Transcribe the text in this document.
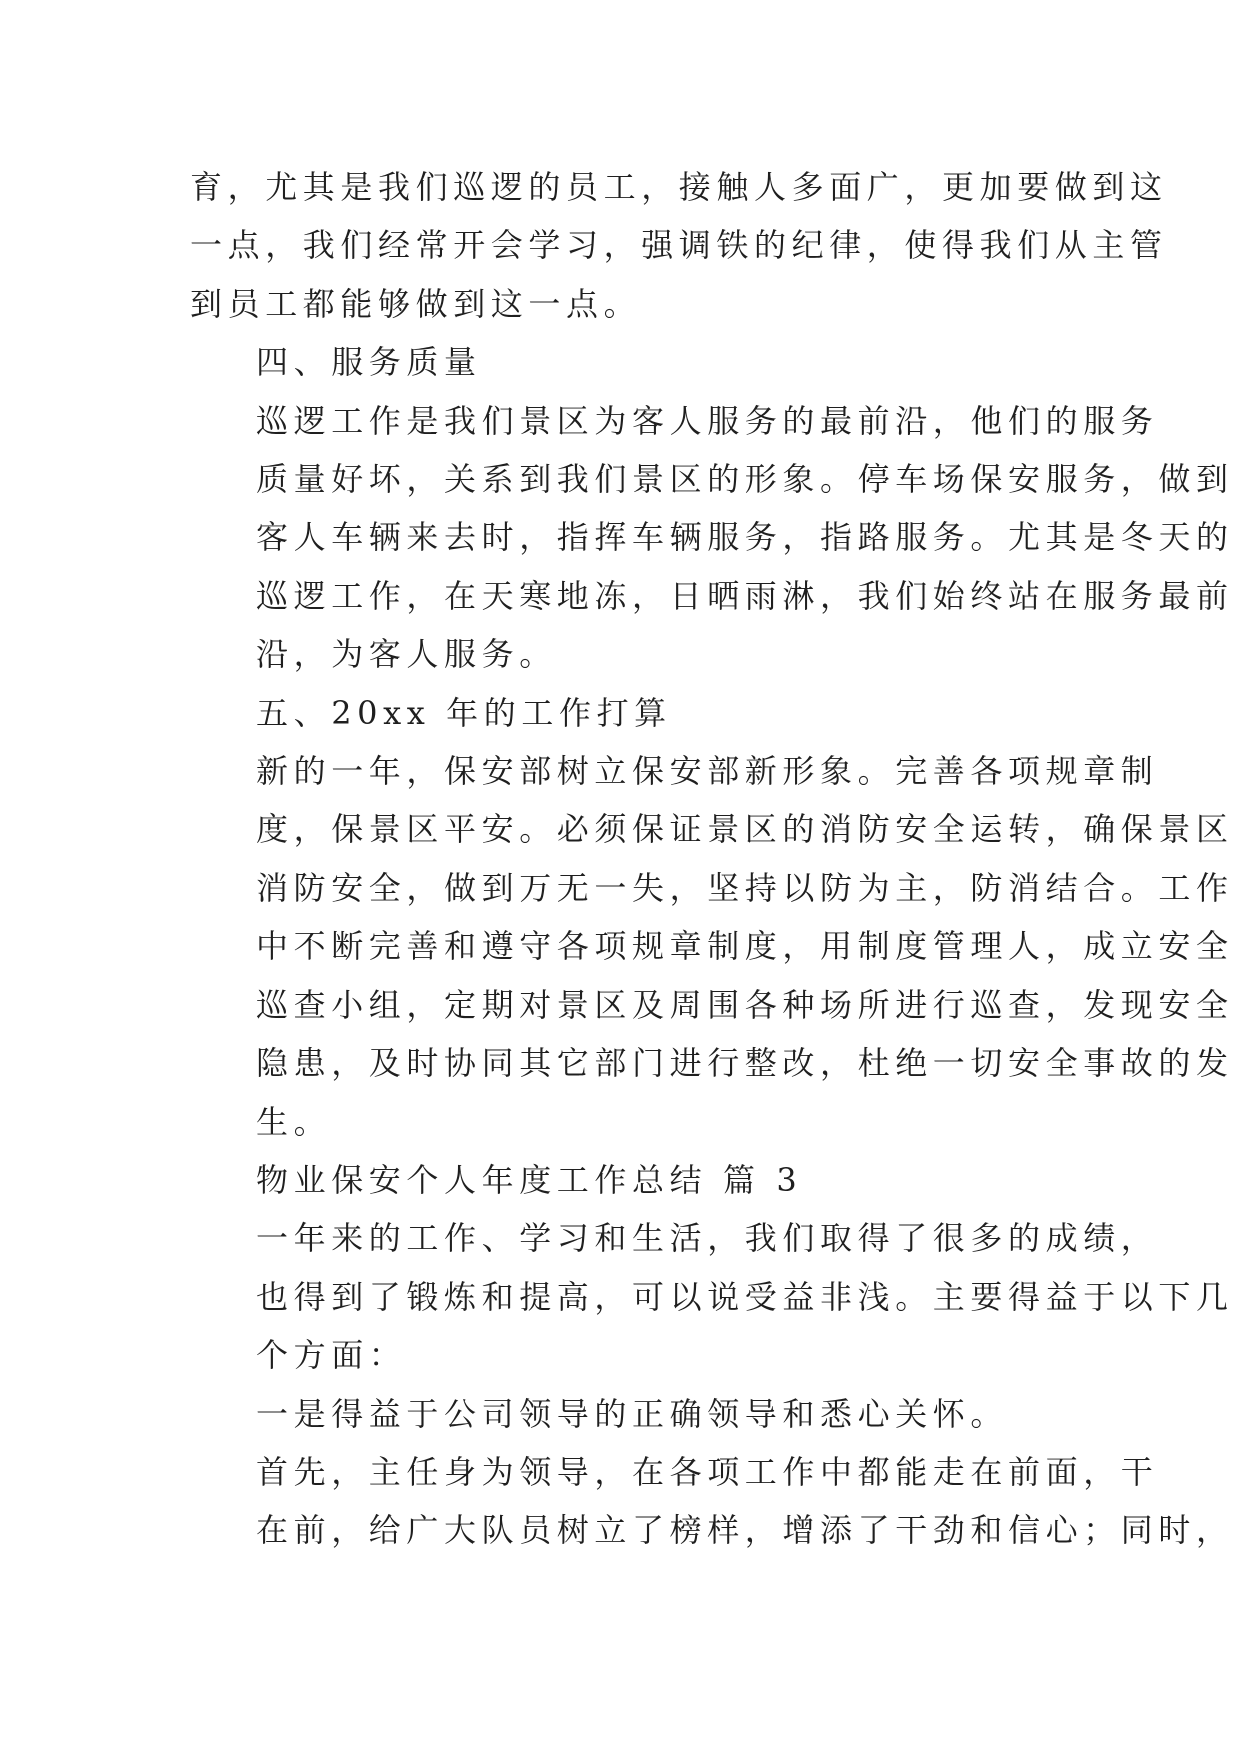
育，尤其是我们巡逻的员工，接触人多面广，更加要做到这
一点，我们经常开会学习，强调铁的纪律，使得我们从主管
到员工都能够做到这一点。

四、服务质量

巡逻工作是我们景区为客人服务的最前沿，他们的服务
质量好坏，关系到我们景区的形象。停车场保安服务，做到
客人车辆来去时，指挥车辆服务，指路服务。尤其是冬天的
巡逻工作，在天寒地冻，日晒雨淋，我们始终站在服务最前
沿，为客人服务。

五、20xx 年的工作打算

新的一年，保安部树立保安部新形象。完善各项规章制
度，保景区平安。必须保证景区的消防安全运转，确保景区
消防安全，做到万无一失，坚持以防为主，防消结合。工作
中不断完善和遵守各项规章制度，用制度管理人，成立安全
巡查小组，定期对景区及周围各种场所进行巡查，发现安全
隐患，及时协同其它部门进行整改，杜绝一切安全事故的发
生。

物业保安个人年度工作总结 篇 3

一年来的工作、学习和生活，我们取得了很多的成绩，
也得到了锻炼和提高，可以说受益非浅。主要得益于以下几
个方面：

一是得益于公司领导的正确领导和悉心关怀。

首先，主任身为领导，在各项工作中都能走在前面，干
在前，给广大队员树立了榜样，增添了干劲和信心；同时，
